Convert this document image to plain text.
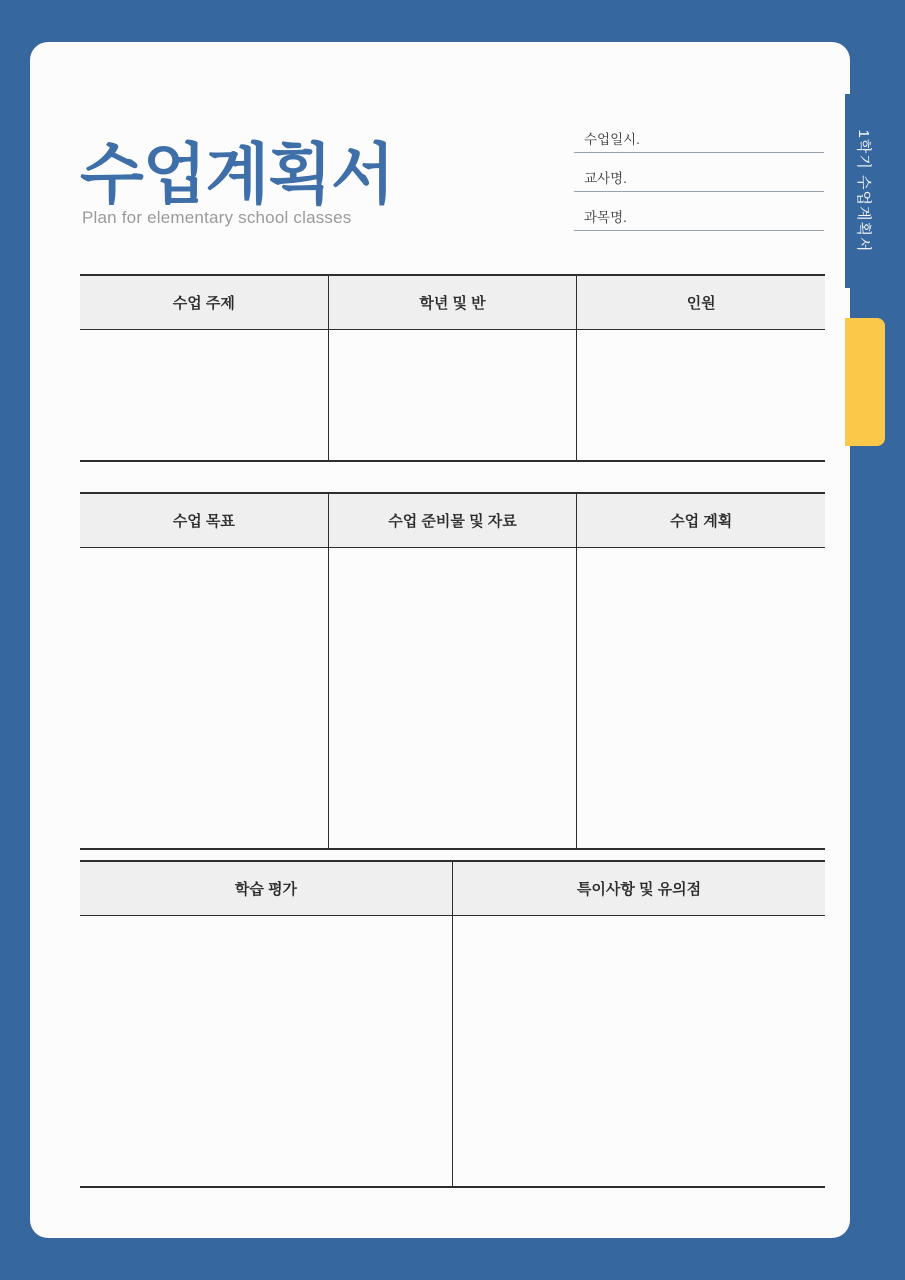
1학기 수업계획서
수업계획서
Plan for elementary school classes
수업일시.
교사명.
과목명.
수업 주제	학년 및 반	인원
수업 목표	수업 준비물 및 자료	수업 계획
학습 평가	특이사항 및 유의점
